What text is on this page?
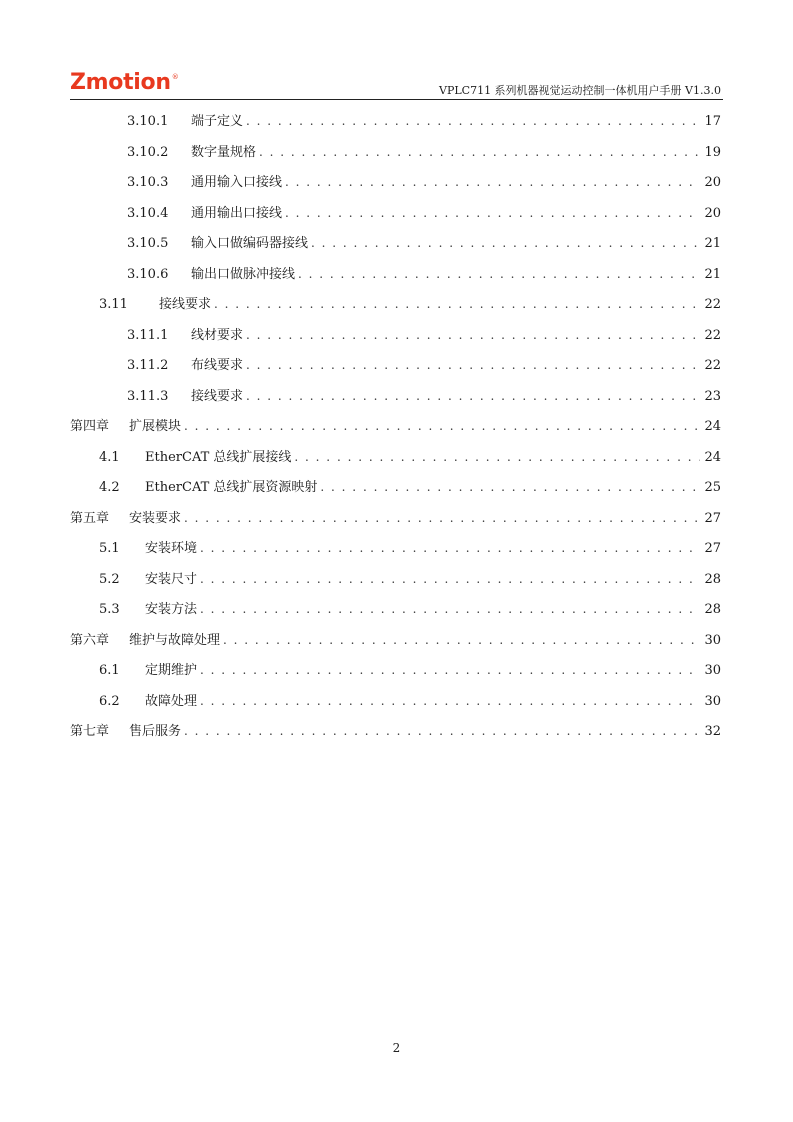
Zmotion®
VPLC711 系列机器视觉运动控制一体机用户手册 V1.3.0
3.10.1	端子定义 . . .	17
3.10.2	数字量规格 . . .	19
3.10.3	通用输入口接线 . . .	20
3.10.4	通用输出口接线 . . .	20
3.10.5	输入口做编码器接线 . . .	21
3.10.6	输出口做脉冲接线 . . .	21
3.11	接线要求 . . .	22
3.11.1	线材要求 . . .	22
3.11.2	布线要求 . . .	22
3.11.3	接线要求 . . .	23
第四章	扩展模块 . . .	24
4.1	EtherCAT 总线扩展接线 . . .	24
4.2	EtherCAT 总线扩展资源映射 . . .	25
第五章	安装要求 . . .	27
5.1	安装环境 . . .	27
5.2	安装尺寸 . . .	28
5.3	安装方法 . . .	28
第六章	维护与故障处理 . . .	30
6.1	定期维护 . . .	30
6.2	故障处理 . . .	30
第七章	售后服务 . . .	32
2
